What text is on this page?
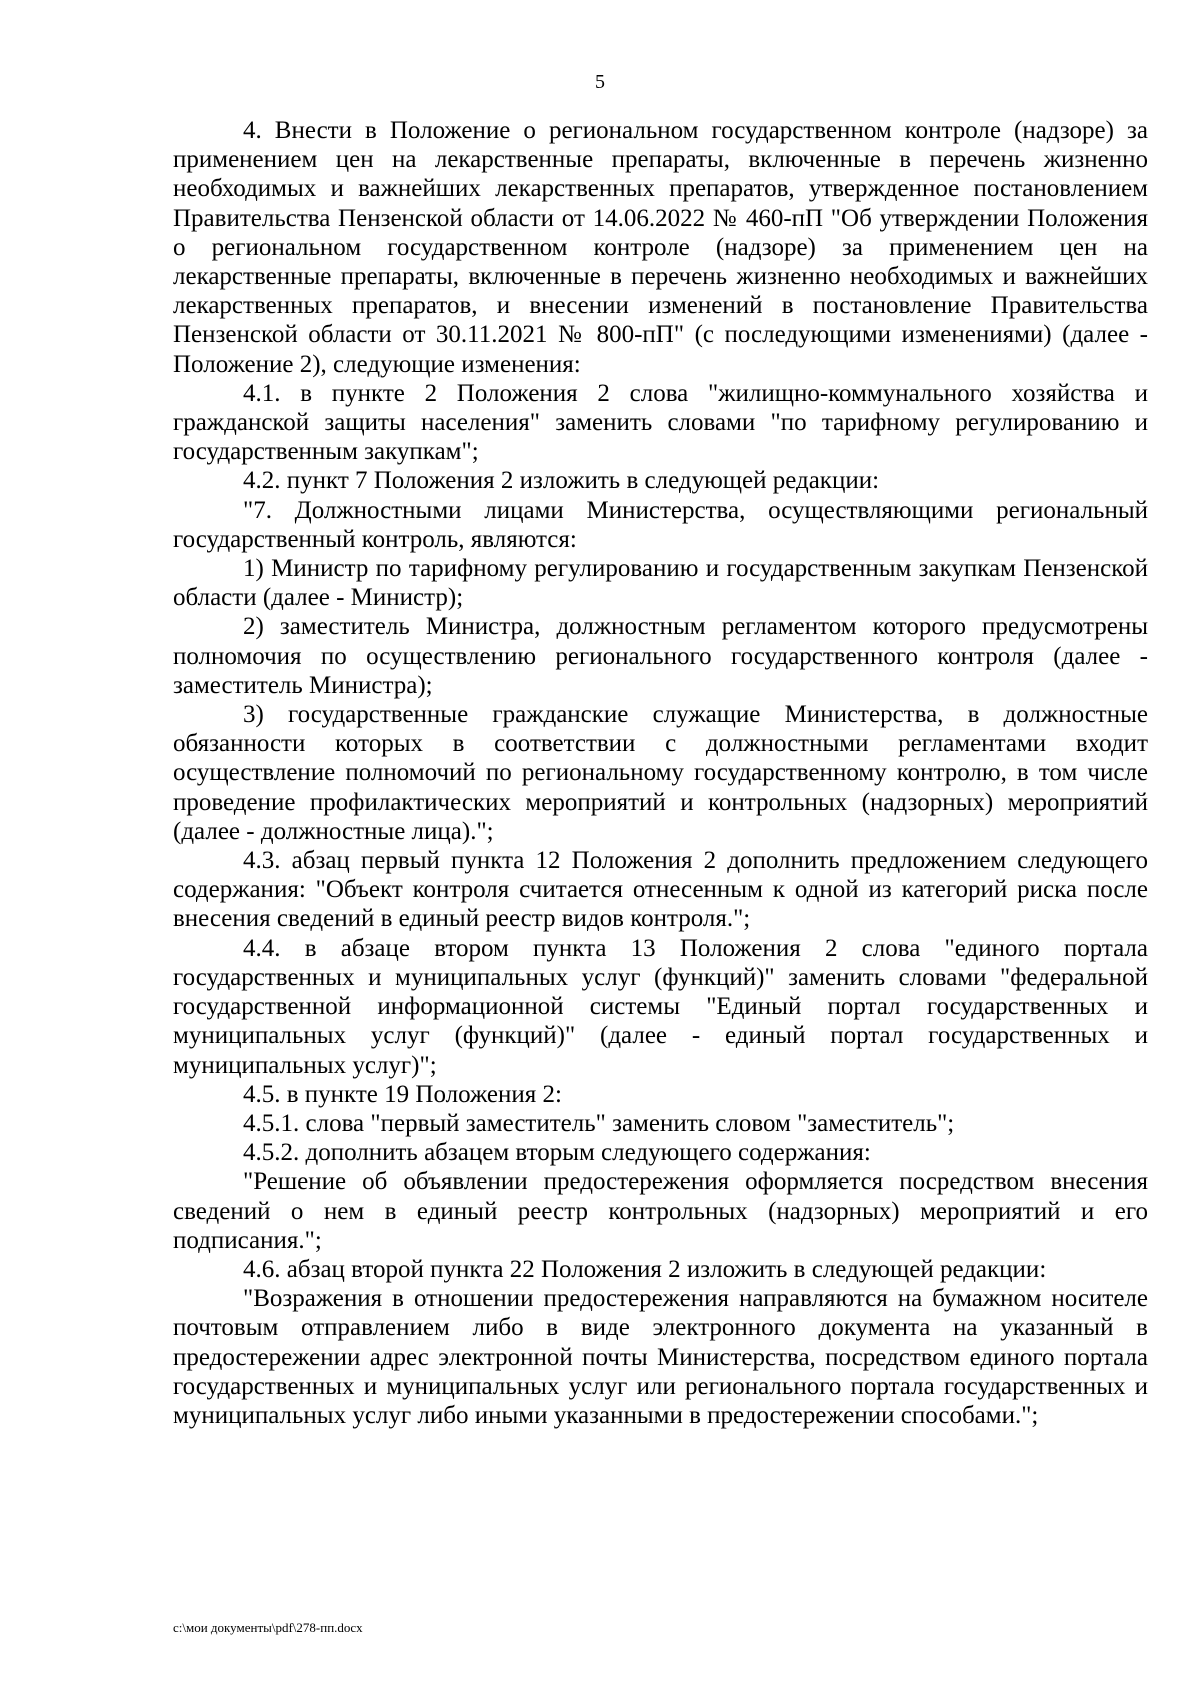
5

4. Внести в Положение о региональном государственном контроле (надзоре) за применением цен на лекарственные препараты, включенные в перечень жизненно необходимых и важнейших лекарственных препаратов, утвержденное постановлением Правительства Пензенской области от 14.06.2022 № 460-пП "Об утверждении Положения о региональном государственном контроле (надзоре) за применением цен на лекарственные препараты, включенные в перечень жизненно необходимых и важнейших лекарственных препаратов, и внесении изменений в постановление Правительства Пензенской области от 30.11.2021 № 800-пП" (с последующими изменениями) (далее - Положение 2), следующие изменения:

4.1. в пункте 2 Положения 2 слова "жилищно-коммунального хозяйства и гражданской защиты населения" заменить словами "по тарифному регулированию и государственным закупкам";

4.2. пункт 7 Положения 2 изложить в следующей редакции:

"7. Должностными лицами Министерства, осуществляющими региональный государственный контроль, являются:

1) Министр по тарифному регулированию и государственным закупкам Пензенской области (далее - Министр);

2) заместитель Министра, должностным регламентом которого предусмотрены полномочия по осуществлению регионального государственного контроля (далее - заместитель Министра);

3) государственные гражданские служащие Министерства, в должностные обязанности которых в соответствии с должностными регламентами входит осуществление полномочий по региональному государственному контролю, в том числе проведение профилактических мероприятий и контрольных (надзорных) мероприятий (далее - должностные лица).";

4.3. абзац первый пункта 12 Положения 2 дополнить предложением следующего содержания: "Объект контроля считается отнесенным к одной из категорий риска после внесения сведений в единый реестр видов контроля.";

4.4. в абзаце втором пункта 13 Положения 2 слова "единого портала государственных и муниципальных услуг (функций)" заменить словами "федеральной государственной информационной системы "Единый портал государственных и муниципальных услуг (функций)" (далее - единый портал государственных и муниципальных услуг)";

4.5. в пункте 19 Положения 2:

4.5.1. слова "первый заместитель" заменить словом "заместитель";

4.5.2. дополнить абзацем вторым следующего содержания:

"Решение об объявлении предостережения оформляется посредством внесения сведений о нем в единый реестр контрольных (надзорных) мероприятий и его подписания.";

4.6. абзац второй пункта 22 Положения 2 изложить в следующей редакции:

"Возражения в отношении предостережения направляются на бумажном носителе почтовым отправлением либо в виде электронного документа на указанный в предостережении адрес электронной почты Министерства, посредством единого портала государственных и муниципальных услуг или регионального портала государственных и муниципальных услуг либо иными указанными в предостережении способами.";

c:\мои документы\pdf\278-пп.docx
